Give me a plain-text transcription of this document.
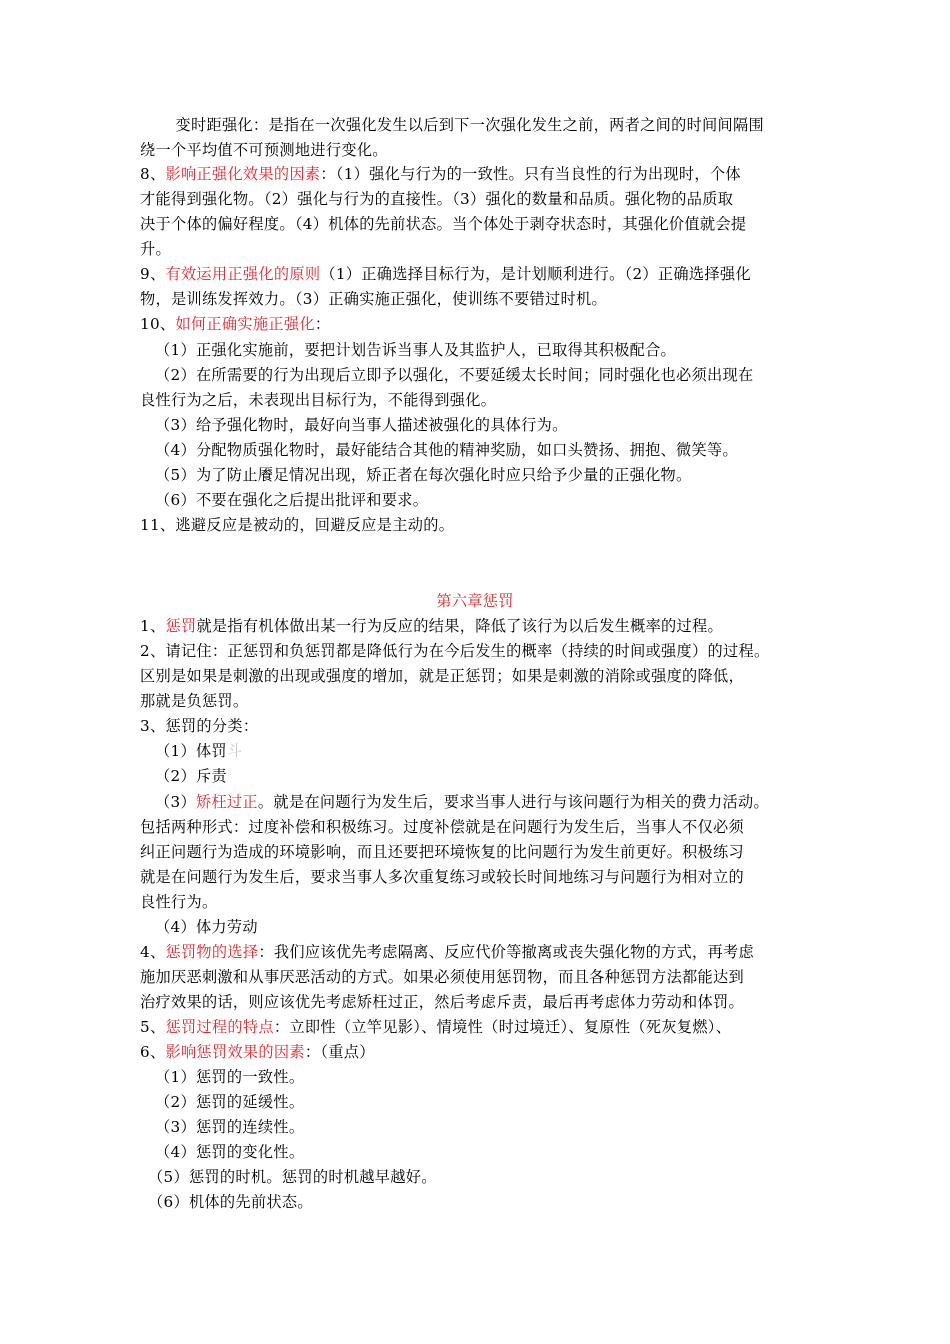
　变时距强化：是指在一次强化发生以后到下一次强化发生之前，两者之间的时间间隔围
绕一个平均值不可预测地进行变化。
8、影响正强化效果的因素：（1）强化与行为的一致性。只有当良性的行为出现时，个体
才能得到强化物。（2）强化与行为的直接性。（3）强化的数量和品质。强化物的品质取
决于个体的偏好程度。（4）机体的先前状态。当个体处于剥夺状态时，其强化价值就会提
升。
9、有效运用正强化的原则（1）正确选择目标行为，是计划顺利进行。（2）正确选择强化
物，是训练发挥效力。（3）正确实施正强化，使训练不要错过时机。
10、如何正确实施正强化：
（1）正强化实施前，要把计划告诉当事人及其监护人，已取得其积极配合。
（2）在所需要的行为出现后立即予以强化，不要延缓太长时间；同时强化也必须出现在
良性行为之后，未表现出目标行为，不能得到强化。
（3）给予强化物时，最好向当事人描述被强化的具体行为。
（4）分配物质强化物时，最好能结合其他的精神奖励，如口头赞扬、拥抱、微笑等。
（5）为了防止餍足情况出现，矫正者在每次强化时应只给予少量的正强化物。
（6）不要在强化之后提出批评和要求。
11、逃避反应是被动的，回避反应是主动的。
第六章惩罚
1、惩罚就是指有机体做出某一行为反应的结果，降低了该行为以后发生概率的过程。
2、请记住：正惩罚和负惩罚都是降低行为在今后发生的概率（持续的时间或强度）的过程。
区别是如果是刺激的出现或强度的增加，就是正惩罚；如果是刺激的消除或强度的降低，
那就是负惩罚。
3、惩罚的分类：
（1）体罚斗
（2）斥责
（3）矫枉过正。就是在问题行为发生后，要求当事人进行与该问题行为相关的费力活动。
包括两种形式：过度补偿和积极练习。过度补偿就是在问题行为发生后，当事人不仅必须
纠正问题行为造成的环境影响，而且还要把环境恢复的比问题行为发生前更好。积极练习
就是在问题行为发生后，要求当事人多次重复练习或较长时间地练习与问题行为相对立的
良性行为。
（4）体力劳动
4、惩罚物的选择：我们应该优先考虑隔离、反应代价等撤离或丧失强化物的方式，再考虑
施加厌恶刺激和从事厌恶活动的方式。如果必须使用惩罚物，而且各种惩罚方法都能达到
治疗效果的话，则应该优先考虑矫枉过正，然后考虑斥责，最后再考虑体力劳动和体罚。
5、惩罚过程的特点：立即性（立竿见影）、情境性（时过境迁）、复原性（死灰复燃）、
6、影响惩罚效果的因素：（重点）
（1）惩罚的一致性。
（2）惩罚的延缓性。
（3）惩罚的连续性。
（4）惩罚的变化性。
（5）惩罚的时机。惩罚的时机越早越好。
（6）机体的先前状态。
